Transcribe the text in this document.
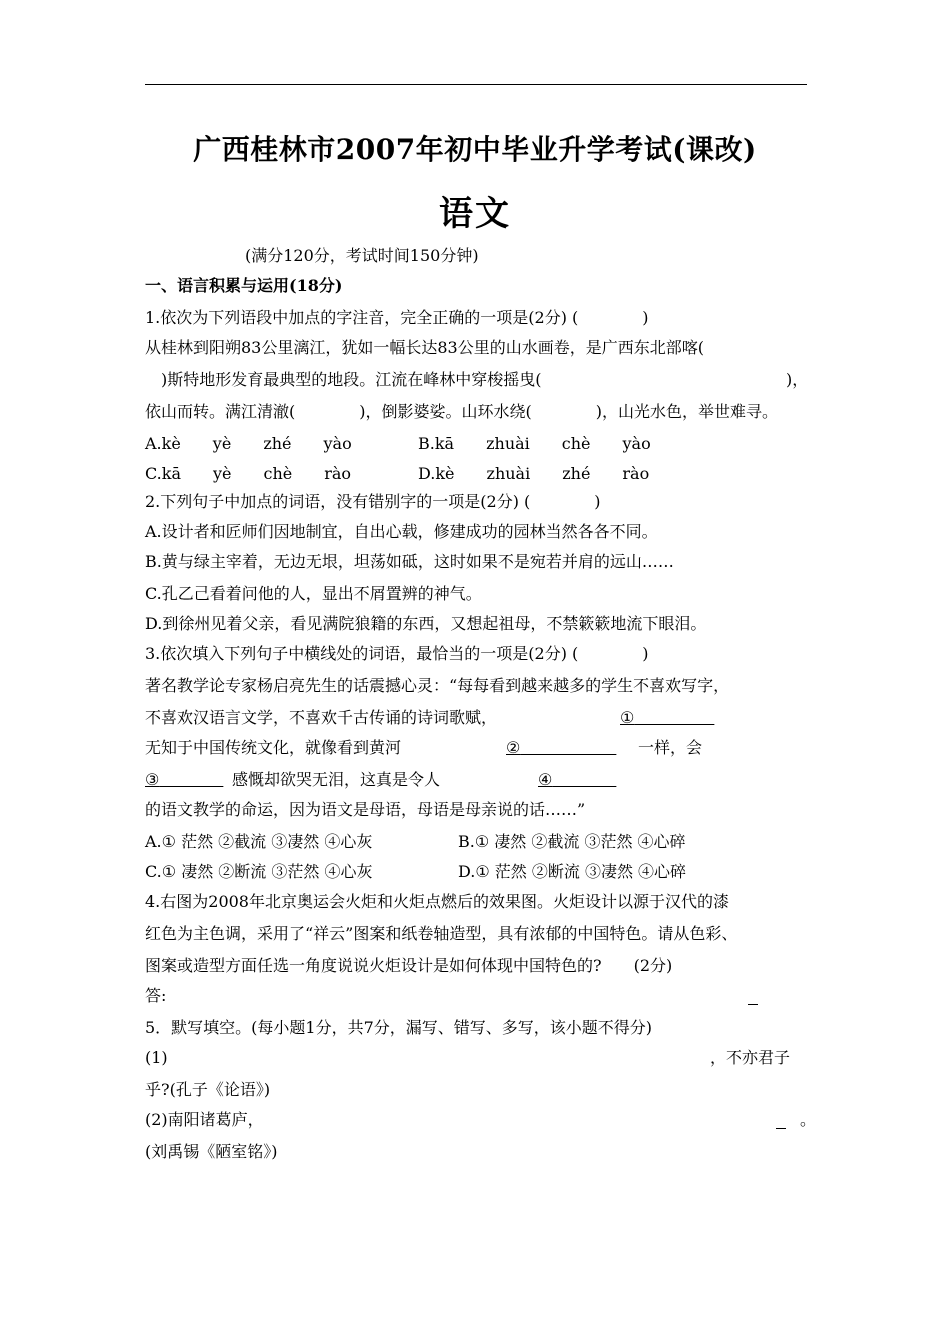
广西桂林市2007年初中毕业升学考试(课改)
语文
(满分120分，考试时间150分钟)
一、语言积累与运用(18分)
1.依次为下列语段中加点的字注音，完全正确的一项是(2分) (　　　　)
从桂林到阳朔83公里漓江，犹如一幅长达83公里的山水画卷，是广西东北部喀(
　)斯特地形发育最典型的地段。江流在峰林中穿梭摇曳(	)，
依山而转。满江清澈(　　　　)，倒影婆娑。山环水绕(　　　　)，山光水色，举世难寻。
A.kè　　yè　　zhé　　yào	B.kā　　zhuài　　chè　　yào
C.kā　　yè　　chè　　rào	D.kè　　zhuài　　zhé　　rào
2.下列句子中加点的词语，没有错别字的一项是(2分) (　　　　)
A.设计者和匠师们因地制宜，自出心载，修建成功的园林当然各各不同。
B.黄与绿主宰着，无边无垠，坦荡如砥，这时如果不是宛若并肩的远山……
C.孔乙己看着问他的人，显出不屑置辨的神气。
D.到徐州见着父亲，看见满院狼籍的东西，又想起祖母，不禁簌簌地流下眼泪。
3.依次填入下列句子中横线处的词语，最恰当的一项是(2分) (　　　　)
著名教学论专家杨启亮先生的话震撼心灵：“每每看到越来越多的学生不喜欢写字，
不喜欢汉语言文学，不喜欢千古传诵的诗词歌赋，	①　　　　　
无知于中国传统文化，就像看到黄河	②　　　　　　	一样，会
③　　　　	感慨却欲哭无泪，这真是令人	④　　　　
的语文教学的命运，因为语文是母语，母语是母亲说的话……”
A.① 茫然 ②截流 ③凄然 ④心灰	B.① 凄然 ②截流 ③茫然 ④心碎
C.① 凄然 ②断流 ③茫然 ④心灰	D.① 茫然 ②断流 ③凄然 ④心碎
4.右图为2008年北京奥运会火炬和火炬点燃后的效果图。火炬设计以源于汉代的漆
红色为主色调，采用了“祥云”图案和纸卷轴造型，具有浓郁的中国特色。请从色彩、
图案或造型方面任选一角度说说火炬设计是如何体现中国特色的?　　(2分)
答:
5．默写填空。(每小题1分，共7分，漏写、错写、多写，该小题不得分)
(1)	，不亦君子
乎?(孔子《论语》)
(2)南阳诸葛庐，	。
(刘禹锡《陋室铭》)
